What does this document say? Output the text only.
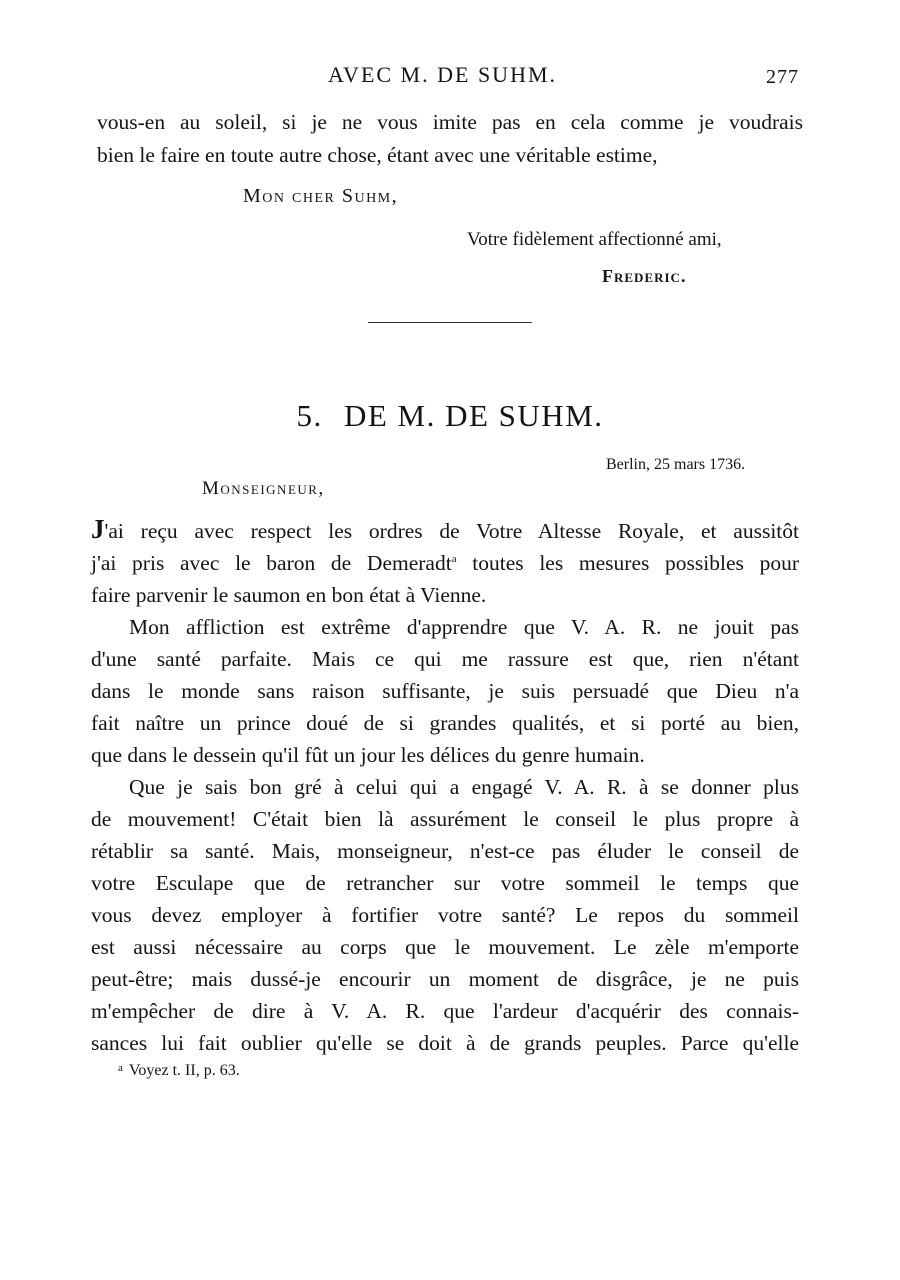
AVEC M. DE SUHM.	277
vous-en au soleil, si je ne vous imite pas en cela comme je voudrais
bien le faire en toute autre chose, étant avec une véritable estime,
Mon cher Suhm,
Votre fidèlement affectionné ami,
Frederic.
5. DE M. DE SUHM.
Berlin, 25 mars 1736.
Monseigneur,
J'ai reçu avec respect les ordres de Votre Altesse Royale, et aussitôt
j'ai pris avec le baron de Demeradt$^a$ toutes les mesures possibles pour
faire parvenir le saumon en bon état à Vienne.
Mon affliction est extrême d'apprendre que V. A. R. ne jouit pas
d'une santé parfaite. Mais ce qui me rassure est que, rien n'étant
dans le monde sans raison suffisante, je suis persuadé que Dieu n'a
fait naître un prince doué de si grandes qualités, et si porté au bien,
que dans le dessein qu'il fût un jour les délices du genre humain.
Que je sais bon gré à celui qui a engagé V. A. R. à se donner plus
de mouvement! C'était bien là assurément le conseil le plus propre à
rétablir sa santé. Mais, monseigneur, n'est-ce pas éluder le conseil de
votre Esculape que de retrancher sur votre sommeil le temps que
vous devez employer à fortifier votre santé? Le repos du sommeil
est aussi nécessaire au corps que le mouvement. Le zèle m'emporte
peut-être; mais dussé-je encourir un moment de disgrâce, je ne puis
m'empêcher de dire à V. A. R. que l'ardeur d'acquérir des connais-
sances lui fait oublier qu'elle se doit à de grands peuples. Parce qu'elle
$^a$ Voyez t. II, p. 63.
